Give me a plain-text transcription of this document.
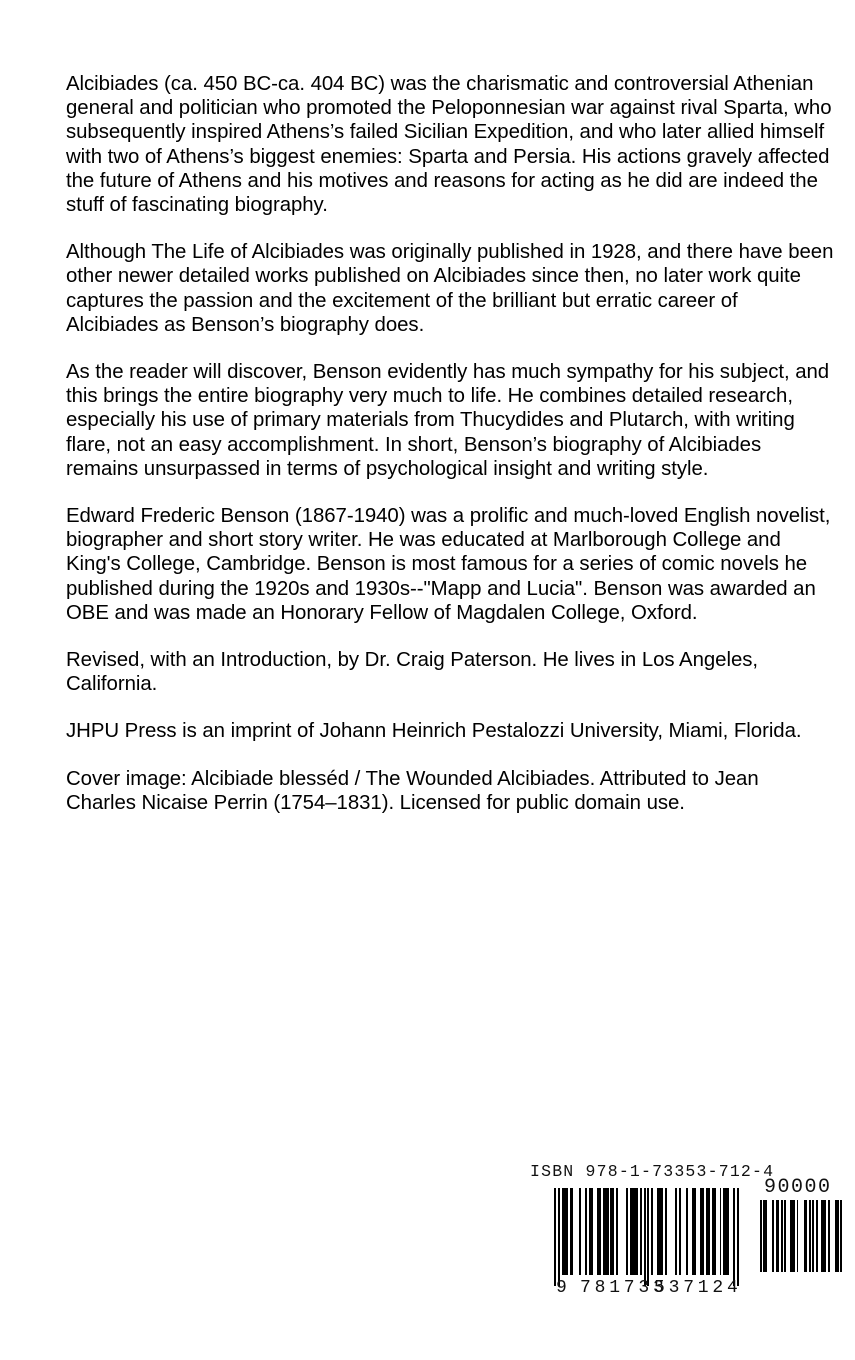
Alcibiades (ca. 450 BC-ca. 404 BC) was the charismatic and controversial Athenian general and politician who promoted the Peloponnesian war against rival Sparta, who subsequently inspired Athens’s failed Sicilian Expedition, and who later allied himself with two of Athens’s biggest enemies: Sparta and Persia. His actions gravely affected the future of Athens and his motives and reasons for acting as he did are indeed the stuff of fascinating biography.

Although The Life of Alcibiades was originally published in 1928, and there have been other newer detailed works published on Alcibiades since then, no later work quite captures the passion and the excitement of the brilliant but erratic career of Alcibiades as Benson’s biography does.

As the reader will discover, Benson evidently has much sympathy for his subject, and this brings the entire biography very much to life. He combines detailed research, especially his use of primary materials from Thucydides and Plutarch, with writing flare, not an easy accomplishment. In short, Benson’s biography of Alcibiades remains unsurpassed in terms of psychological insight and writing style.

Edward Frederic Benson (1867-1940) was a prolific and much-loved English novelist, biographer and short story writer. He was educated at Marlborough College and King's College, Cambridge. Benson is most famous for a series of comic novels he published during the 1920s and 1930s--"Mapp and Lucia". Benson was awarded an OBE and was made an Honorary Fellow of Magdalen College, Oxford.

Revised, with an Introduction, by Dr. Craig Paterson. He lives in Los Angeles, California.

JHPU Press is an imprint of Johann Heinrich Pestalozzi University, Miami, Florida.

Cover image: Alcibiade blesséd / The Wounded Alcibiades. Attributed to Jean Charles Nicaise Perrin (1754–1831). Licensed for public domain use.

ISBN 978-1-73353-712-4
90000
9 781733
537124
